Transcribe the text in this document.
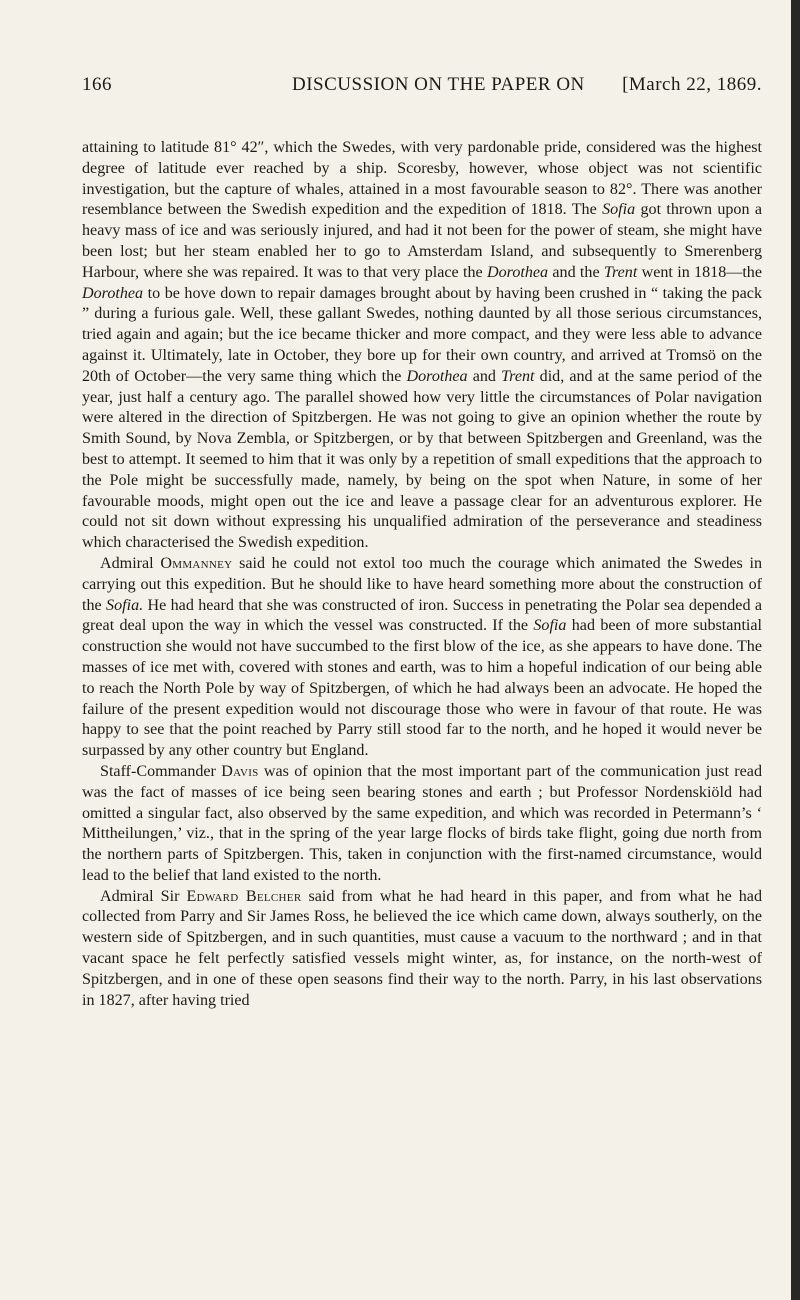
166	DISCUSSION ON THE PAPER ON [March 22, 1869.

attaining to latitude 81° 42″, which the Swedes, with very pardonable pride, considered was the highest degree of latitude ever reached by a ship. Scoresby, however, whose object was not scientific investigation, but the capture of whales, attained in a most favourable season to 82°. There was another resemblance between the Swedish expedition and the expedition of 1818. The Sofia got thrown upon a heavy mass of ice and was seriously injured, and had it not been for the power of steam, she might have been lost; but her steam enabled her to go to Amsterdam Island, and subsequently to Smerenberg Harbour, where she was repaired. It was to that very place the Dorothea and the Trent went in 1818—the Dorothea to be hove down to repair damages brought about by having been crushed in “ taking the pack ” during a furious gale. Well, these gallant Swedes, nothing daunted by all those serious circumstances, tried again and again; but the ice became thicker and more compact, and they were less able to advance against it. Ultimately, late in October, they bore up for their own country, and arrived at Tromsö on the 20th of October—the very same thing which the Dorothea and Trent did, and at the same period of the year, just half a century ago. The parallel showed how very little the circumstances of Polar navigation were altered in the direction of Spitzbergen. He was not going to give an opinion whether the route by Smith Sound, by Nova Zembla, or Spitzbergen, or by that between Spitzbergen and Greenland, was the best to attempt. It seemed to him that it was only by a repetition of small expeditions that the approach to the Pole might be successfully made, namely, by being on the spot when Nature, in some of her favourable moods, might open out the ice and leave a passage clear for an adventurous explorer. He could not sit down without expressing his unqualified admiration of the perseverance and steadiness which characterised the Swedish expedition.

Admiral Ommanney said he could not extol too much the courage which animated the Swedes in carrying out this expedition. But he should like to have heard something more about the construction of the Sofia. He had heard that she was constructed of iron. Success in penetrating the Polar sea depended a great deal upon the way in which the vessel was constructed. If the Sofia had been of more substantial construction she would not have succumbed to the first blow of the ice, as she appears to have done. The masses of ice met with, covered with stones and earth, was to him a hopeful indication of our being able to reach the North Pole by way of Spitzbergen, of which he had always been an advocate. He hoped the failure of the present expedition would not discourage those who were in favour of that route. He was happy to see that the point reached by Parry still stood far to the north, and he hoped it would never be surpassed by any other country but England.

Staff-Commander Davis was of opinion that the most important part of the communication just read was the fact of masses of ice being seen bearing stones and earth ; but Professor Nordenskiöld had omitted a singular fact, also observed by the same expedition, and which was recorded in Petermann’s ‘ Mittheilungen,’ viz., that in the spring of the year large flocks of birds take flight, going due north from the northern parts of Spitzbergen. This, taken in conjunction with the first-named circumstance, would lead to the belief that land existed to the north.

Admiral Sir Edward Belcher said from what he had heard in this paper, and from what he had collected from Parry and Sir James Ross, he believed the ice which came down, always southerly, on the western side of Spitzbergen, and in such quantities, must cause a vacuum to the northward ; and in that vacant space he felt perfectly satisfied vessels might winter, as, for instance, on the north-west of Spitzbergen, and in one of these open seasons find their way to the north. Parry, in his last observations in 1827, after having tried
